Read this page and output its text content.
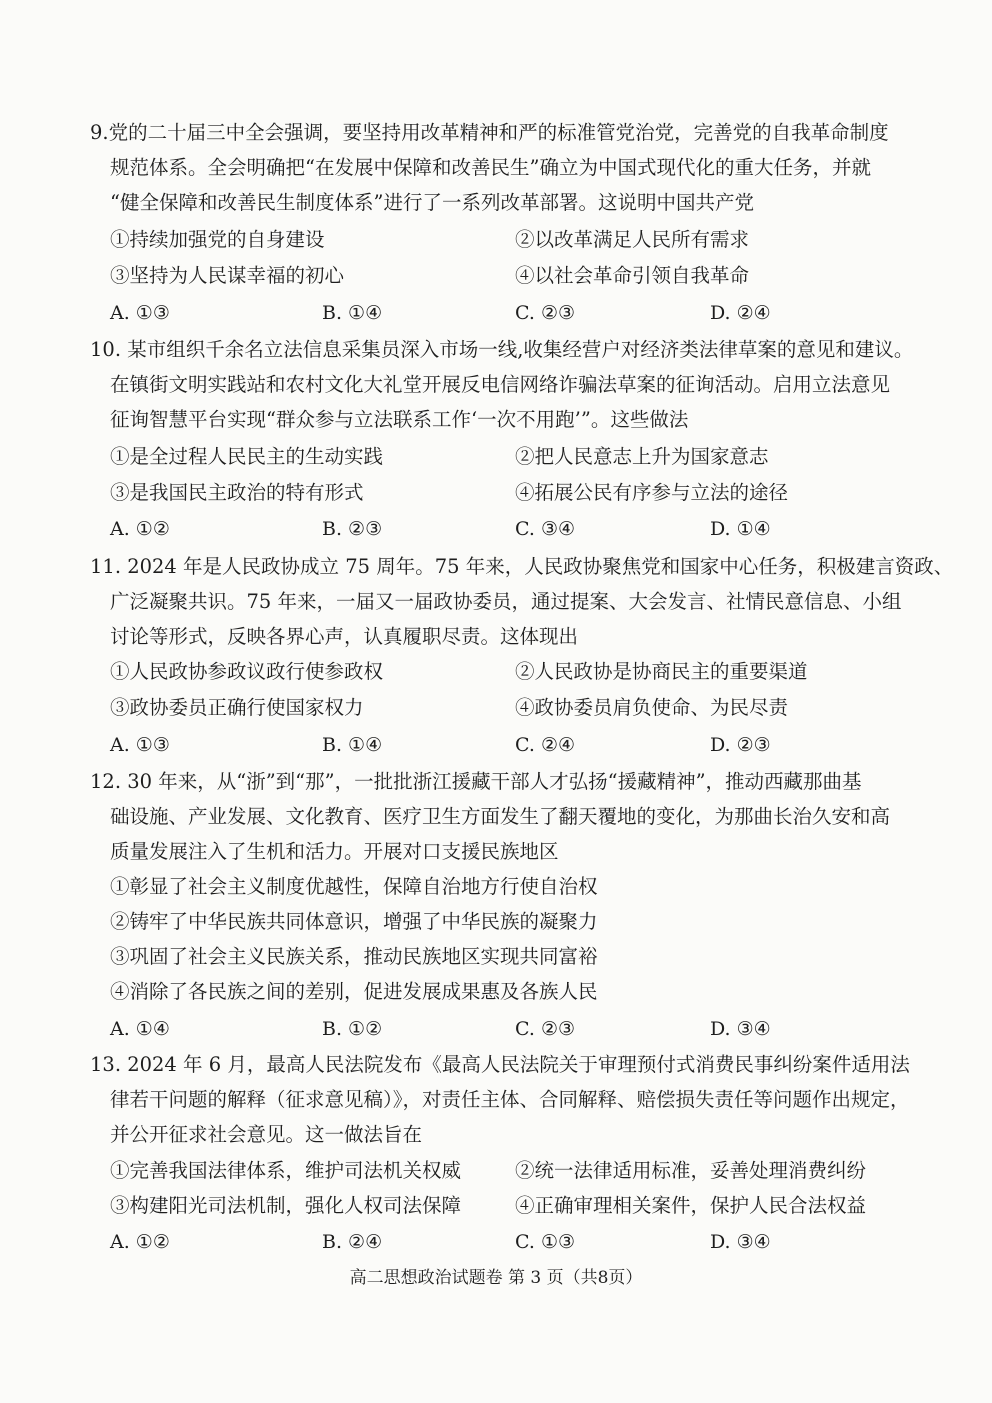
9.党的二十届三中全会强调，要坚持用改革精神和严的标准管党治党，完善党的自我革命制度
规范体系。全会明确把“在发展中保障和改善民生”确立为中国式现代化的重大任务，并就
“健全保障和改善民生制度体系”进行了一系列改革部署。这说明中国共产党
①持续加强党的自身建设	②以改革满足人民所有需求
③坚持为人民谋幸福的初心	④以社会革命引领自我革命
A. ①③	B. ①④	C. ②③	D. ②④
10. 某市组织千余名立法信息采集员深入市场一线,收集经营户对经济类法律草案的意见和建议。
在镇街文明实践站和农村文化大礼堂开展反电信网络诈骗法草案的征询活动。启用立法意见
征询智慧平台实现“群众参与立法联系工作‘一次不用跑’”。这些做法
①是全过程人民民主的生动实践	②把人民意志上升为国家意志
③是我国民主政治的特有形式	④拓展公民有序参与立法的途径
A. ①②	B. ②③	C. ③④	D. ①④
11. 2024 年是人民政协成立 75 周年。75 年来，人民政协聚焦党和国家中心任务，积极建言资政、
广泛凝聚共识。75 年来，一届又一届政协委员，通过提案、大会发言、社情民意信息、小组
讨论等形式，反映各界心声，认真履职尽责。这体现出
①人民政协参政议政行使参政权	②人民政协是协商民主的重要渠道
③政协委员正确行使国家权力	④政协委员肩负使命、为民尽责
A. ①③	B. ①④	C. ②④	D. ②③
12. 30 年来，从“浙”到“那”，一批批浙江援藏干部人才弘扬“援藏精神”，推动西藏那曲基
础设施、产业发展、文化教育、医疗卫生方面发生了翻天覆地的变化，为那曲长治久安和高
质量发展注入了生机和活力。开展对口支援民族地区
①彰显了社会主义制度优越性，保障自治地方行使自治权
②铸牢了中华民族共同体意识，增强了中华民族的凝聚力
③巩固了社会主义民族关系，推动民族地区实现共同富裕
④消除了各民族之间的差别，促进发展成果惠及各族人民
A. ①④	B. ①②	C. ②③	D. ③④
13. 2024 年 6 月，最高人民法院发布《最高人民法院关于审理预付式消费民事纠纷案件适用法
律若干问题的解释（征求意见稿）》，对责任主体、合同解释、赔偿损失责任等问题作出规定，
并公开征求社会意见。这一做法旨在
①完善我国法律体系，维护司法机关权威	②统一法律适用标准，妥善处理消费纠纷
③构建阳光司法机制，强化人权司法保障	④正确审理相关案件，保护人民合法权益
A. ①②	B. ②④	C. ①③	D. ③④
高二思想政治试题卷 第 3 页（共8页）
